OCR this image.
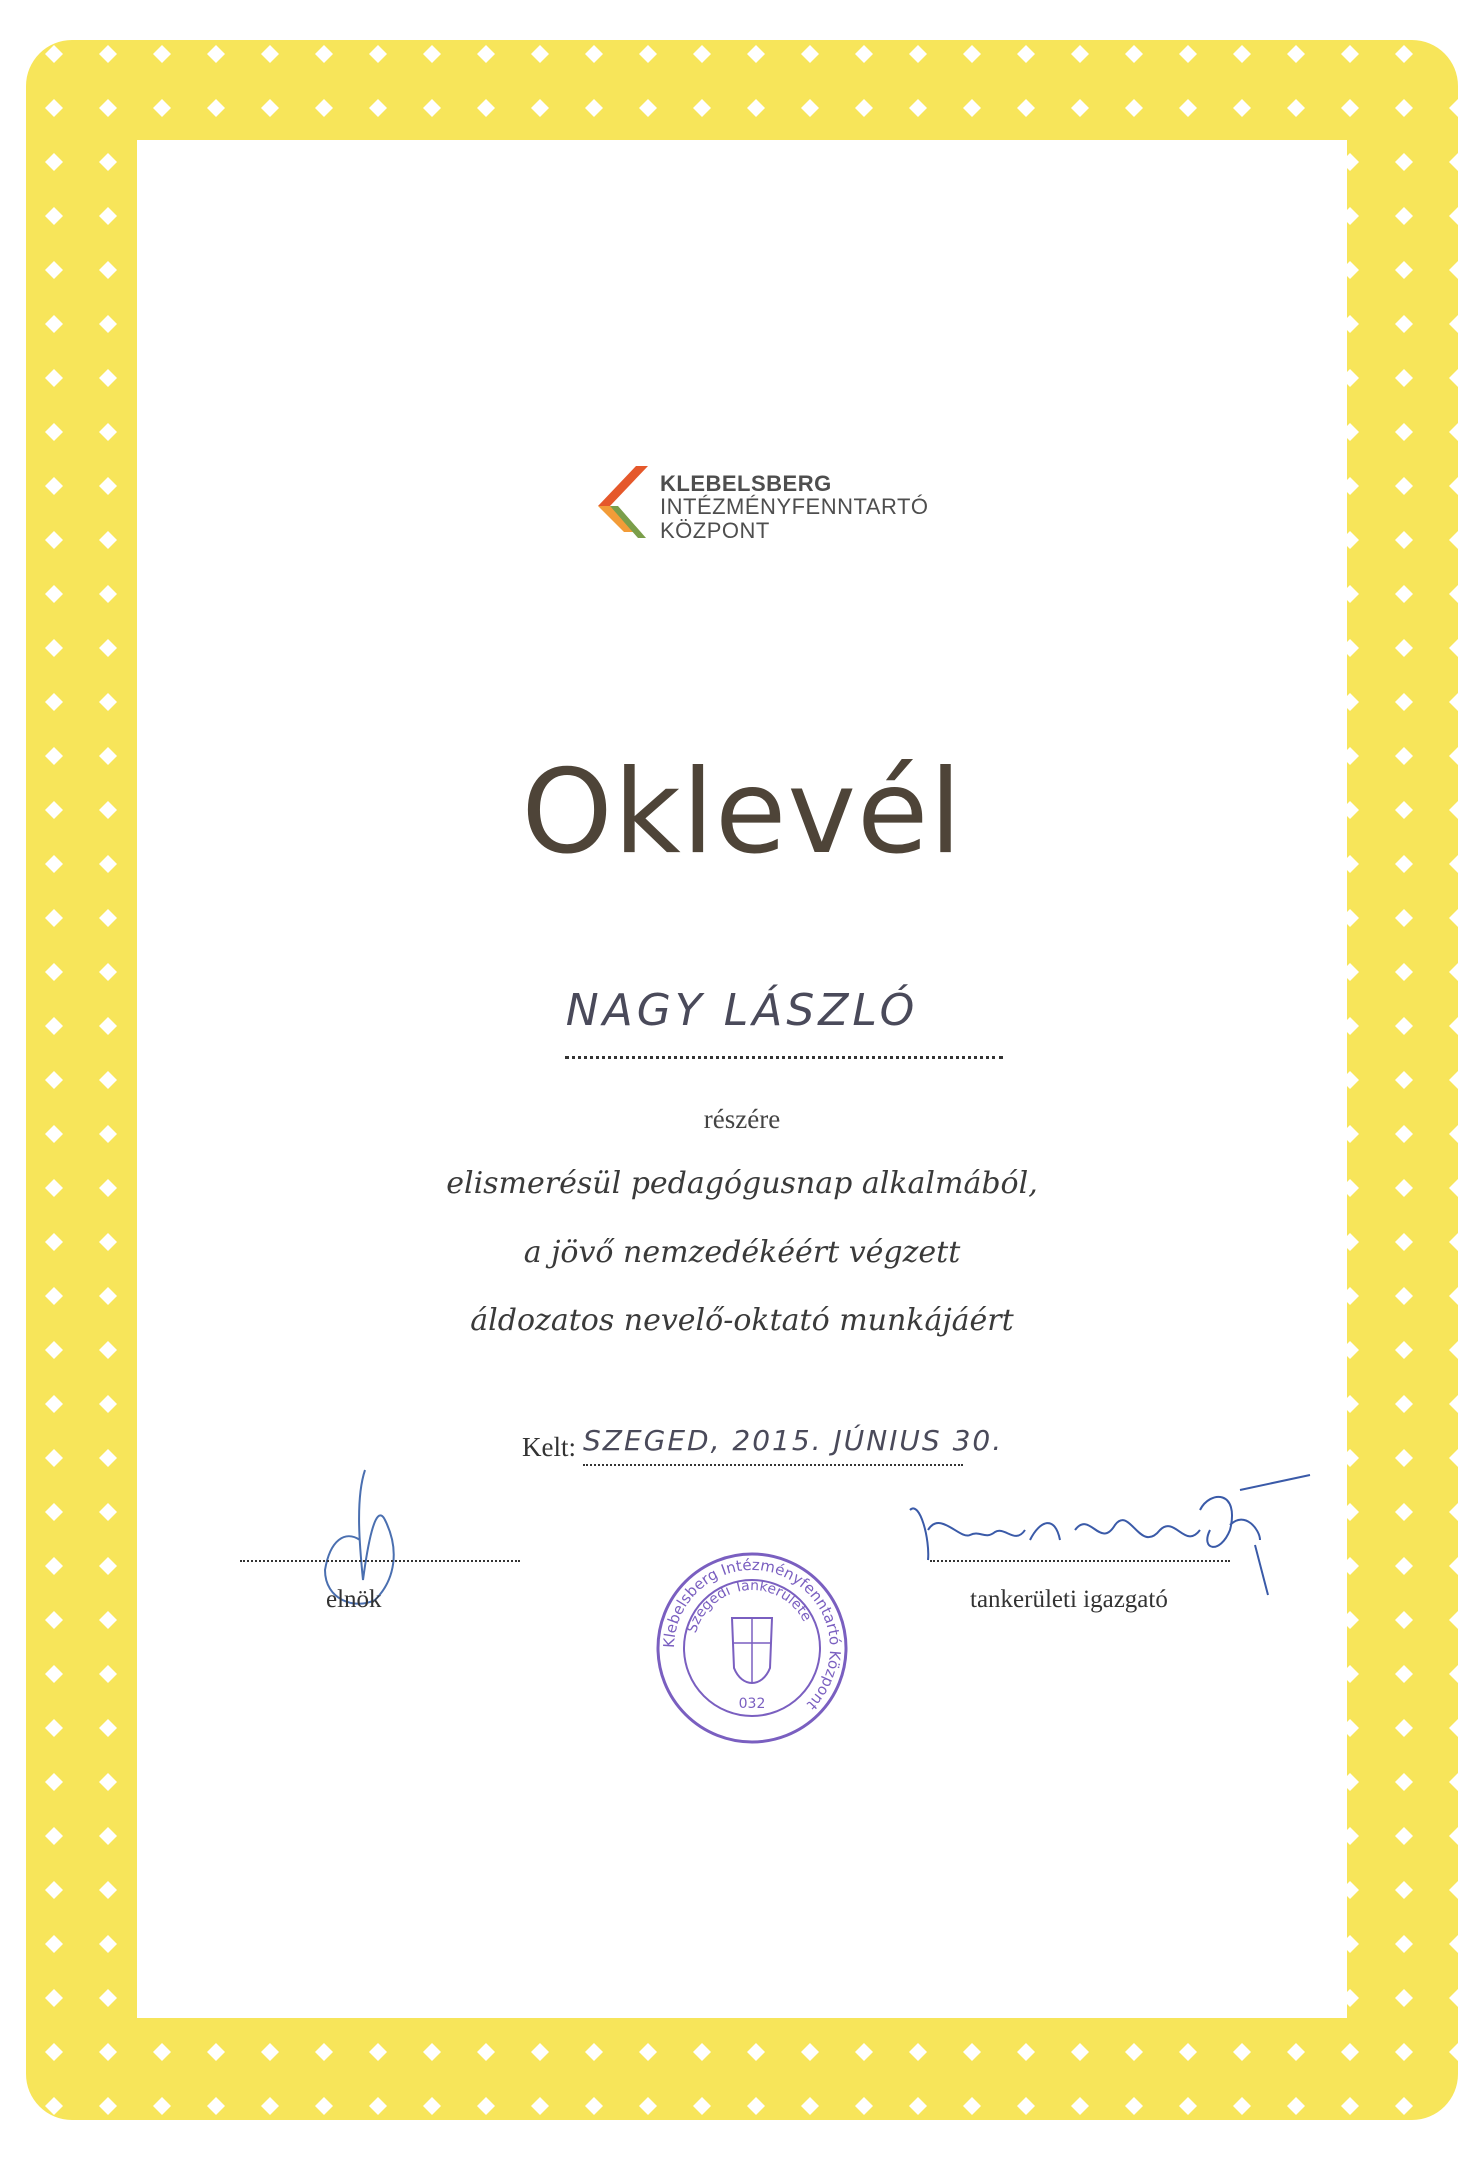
KLEBELSBERG
INTÉZMÉNYFENNTARTÓ
KÖZPONT
Oklevél
NAGY LÁSZLÓ
részére
elismerésül pedagógusnap alkalmából,
a jövő nemzedékéért végzett
áldozatos nevelő-oktató munkájáért
Kelt: SZEGED, 2015. JÚNIUS 30.
elnök	tankerületi igazgató
Klebelsberg Intézményfenntartó Központ
Szegedi Tankerülete
032
